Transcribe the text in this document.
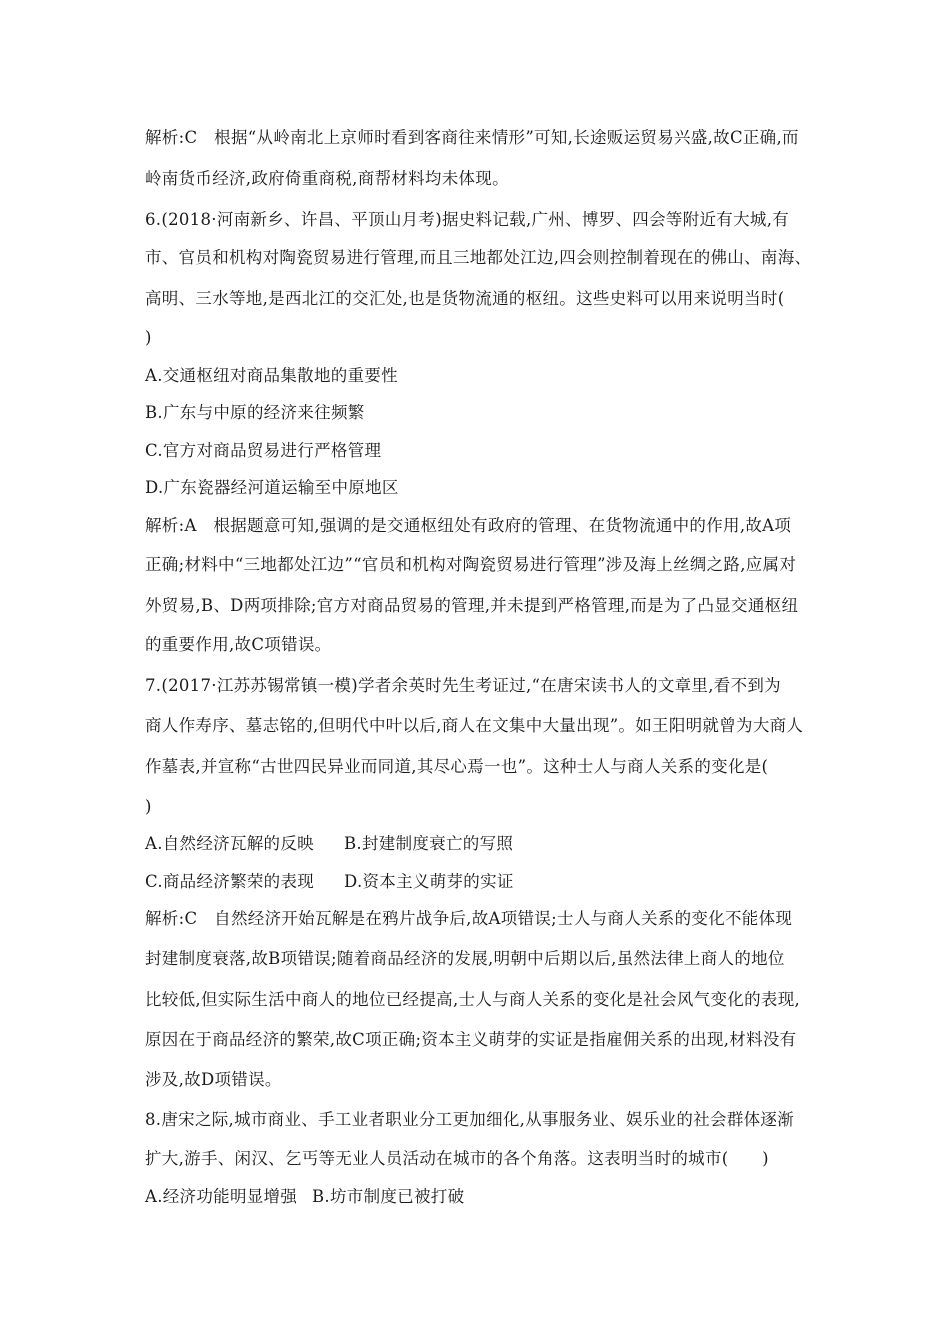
解析:C　根据“从岭南北上京师时看到客商往来情形”可知,长途贩运贸易兴盛,故C正确,而
岭南货币经济,政府倚重商税,商帮材料均未体现。
6.(2018·河南新乡、许昌、平顶山月考)据史料记载,广州、博罗、四会等附近有大城,有
市、官员和机构对陶瓷贸易进行管理,而且三地都处江边,四会则控制着现在的佛山、南海、
高明、三水等地,是西北江的交汇处,也是货物流通的枢纽。这些史料可以用来说明当时(
)
A.交通枢纽对商品集散地的重要性
B.广东与中原的经济来往频繁
C.官方对商品贸易进行严格管理
D.广东瓷器经河道运输至中原地区
解析:A　根据题意可知,强调的是交通枢纽处有政府的管理、在货物流通中的作用,故A项
正确;材料中“三地都处江边”“官员和机构对陶瓷贸易进行管理”涉及海上丝绸之路,应属对
外贸易,B、D两项排除;官方对商品贸易的管理,并未提到严格管理,而是为了凸显交通枢纽
的重要作用,故C项错误。
7.(2017·江苏苏锡常镇一模)学者余英时先生考证过,“在唐宋读书人的文章里,看不到为
商人作寿序、墓志铭的,但明代中叶以后,商人在文集中大量出现”。如王阳明就曾为大商人
作墓表,并宣称“古世四民异业而同道,其尽心焉一也”。这种士人与商人关系的变化是(
)
A.自然经济瓦解的反映 B.封建制度衰亡的写照
C.商品经济繁荣的表现 D.资本主义萌芽的实证
解析:C　自然经济开始瓦解是在鸦片战争后,故A项错误;士人与商人关系的变化不能体现
封建制度衰落,故B项错误;随着商品经济的发展,明朝中后期以后,虽然法律上商人的地位
比较低,但实际生活中商人的地位已经提高,士人与商人关系的变化是社会风气变化的表现,
原因在于商品经济的繁荣,故C项正确;资本主义萌芽的实证是指雇佣关系的出现,材料没有
涉及,故D项错误。
8.唐宋之际,城市商业、手工业者职业分工更加细化,从事服务业、娱乐业的社会群体逐渐
扩大,游手、闲汉、乞丐等无业人员活动在城市的各个角落。这表明当时的城市(　　)
A.经济功能明显增强 B.坊市制度已被打破
